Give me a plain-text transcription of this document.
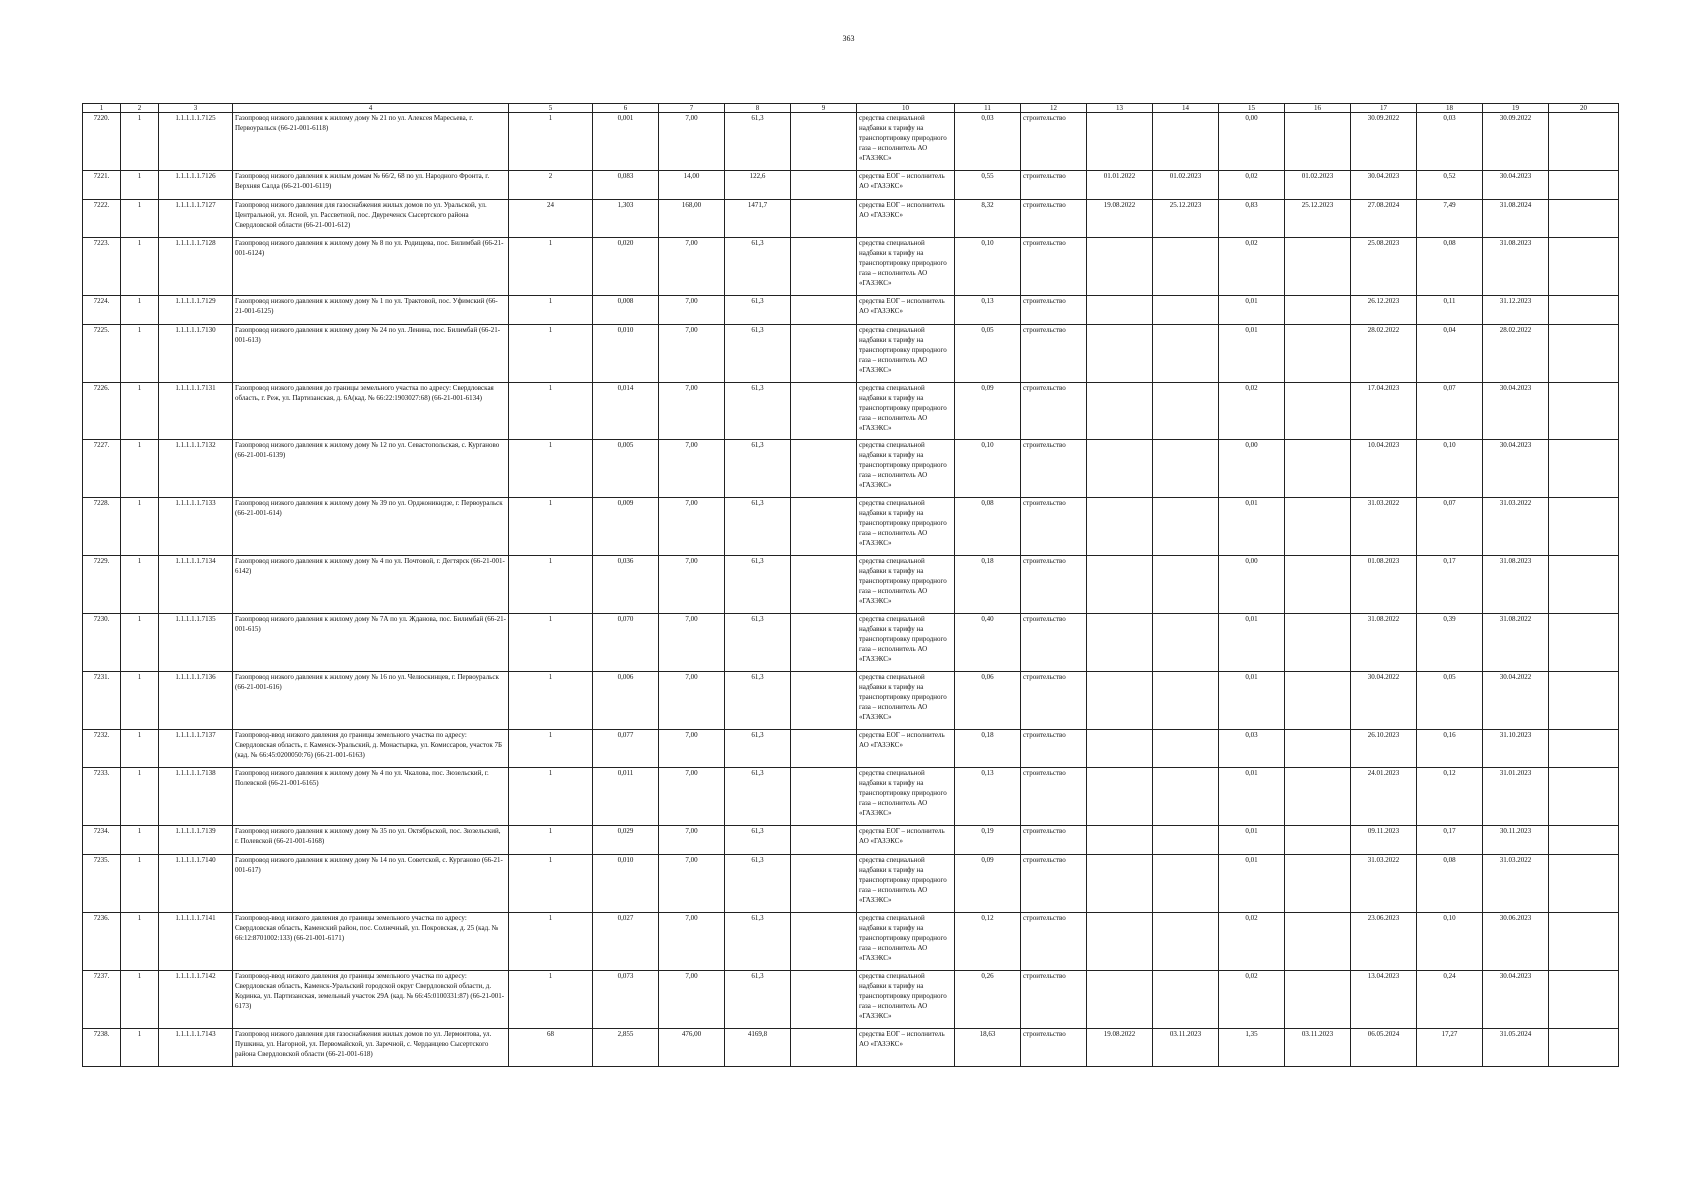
363
1	2	3	4	5	6	7	8	9	10	11	12	13	14	15	16	17	18	19	20
7220.	1	1.1.1.1.1.7125	Газопровод низкого давления к жилому дому № 21 по ул. Алексея Маресьева, г. Первоуральск (66-21-001-6118)	1	0,001	7,00	61,3		средства специальной надбавки к тарифу на транспортировку природного газа – исполнитель АО «ГАЗЭКС»	0,03	строительство			0,00		30.09.2022	0,03	30.09.2022	
7221.	1	1.1.1.1.1.7126	Газопровод низкого давления к жилым домам № 66/2, 68 по ул. Народного Фронта, г. Верхняя Салда (66-21-001-6119)	2	0,083	14,00	122,6		средства ЕОГ – исполнитель АО «ГАЗЭКС»	0,55	строительство	01.01.2022	01.02.2023	0,02	01.02.2023	30.04.2023	0,52	30.04.2023	
7222.	1	1.1.1.1.1.7127	Газопровод низкого давления для газоснабжения жилых домов по ул. Уральской, ул. Центральной, ул. Ясной, ул. Рассветной, пос. Двуреченск Сысертского района Свердловской области (66-21-001-612)	24	1,303	168,00	1471,7		средства ЕОГ – исполнитель АО «ГАЗЭКС»	8,32	строительство	19.08.2022	25.12.2023	0,83	25.12.2023	27.08.2024	7,49	31.08.2024	
7223.	1	1.1.1.1.1.7128	Газопровод низкого давления к жилому дому № 8 по ул. Родищева, пос. Билимбай (66-21-001-6124)	1	0,020	7,00	61,3		средства специальной надбавки к тарифу на транспортировку природного газа – исполнитель АО «ГАЗЭКС»	0,10	строительство			0,02		25.08.2023	0,08	31.08.2023	
7224.	1	1.1.1.1.1.7129	Газопровод низкого давления к жилому дому № 1 по ул. Трактовой, пос. Уфимский (66-21-001-6125)	1	0,008	7,00	61,3		средства ЕОГ – исполнитель АО «ГАЗЭКС»	0,13	строительство			0,01		26.12.2023	0,11	31.12.2023	
7225.	1	1.1.1.1.1.7130	Газопровод низкого давления к жилому дому № 24 по ул. Ленина, пос. Билимбай (66-21-001-613)	1	0,010	7,00	61,3		средства специальной надбавки к тарифу на транспортировку природного газа – исполнитель АО «ГАЗЭКС»	0,05	строительство			0,01		28.02.2022	0,04	28.02.2022	
7226.	1	1.1.1.1.1.7131	Газопровод низкого давления до границы земельного участка по адресу: Свердловская область, г. Реж, ул. Партизанская, д. 6А(кад. № 66:22:1903027:68) (66-21-001-6134)	1	0,014	7,00	61,3		средства специальной надбавки к тарифу на транспортировку природного газа – исполнитель АО «ГАЗЭКС»	0,09	строительство			0,02		17.04.2023	0,07	30.04.2023	
7227.	1	1.1.1.1.1.7132	Газопровод низкого давления к жилому дому № 12 по ул. Севастопольская, с. Курганово (66-21-001-6139)	1	0,005	7,00	61,3		средства специальной надбавки к тарифу на транспортировку природного газа – исполнитель АО «ГАЗЭКС»	0,10	строительство			0,00		10.04.2023	0,10	30.04.2023	
7228.	1	1.1.1.1.1.7133	Газопровод низкого давления к жилому дому № 39 по ул. Орджоникидзе, г. Первоуральск (66-21-001-614)	1	0,009	7,00	61,3		средства специальной надбавки к тарифу на транспортировку природного газа – исполнитель АО «ГАЗЭКС»	0,08	строительство			0,01		31.03.2022	0,07	31.03.2022	
7229.	1	1.1.1.1.1.7134	Газопровод низкого давления к жилому дому № 4 по ул. Почтовой, г. Дегтярск (66-21-001-6142)	1	0,036	7,00	61,3		средства специальной надбавки к тарифу на транспортировку природного газа – исполнитель АО «ГАЗЭКС»	0,18	строительство			0,00		01.08.2023	0,17	31.08.2023	
7230.	1	1.1.1.1.1.7135	Газопровод низкого давления к жилому дому № 7А по ул. Жданова, пос. Билимбай (66-21-001-615)	1	0,070	7,00	61,3		средства специальной надбавки к тарифу на транспортировку природного газа – исполнитель АО «ГАЗЭКС»	0,40	строительство			0,01		31.08.2022	0,39	31.08.2022	
7231.	1	1.1.1.1.1.7136	Газопровод низкого давления к жилому дому № 16 по ул. Челюскинцев, г. Первоуральск (66-21-001-616)	1	0,006	7,00	61,3		средства специальной надбавки к тарифу на транспортировку природного газа – исполнитель АО «ГАЗЭКС»	0,06	строительство			0,01		30.04.2022	0,05	30.04.2022	
7232.	1	1.1.1.1.1.7137	Газопровод-ввод низкого давления до границы земельного участка по адресу: Свердловская область, г. Каменск-Уральский, д. Монастырка, ул. Комиссаров, участок 7Б (кад. № 66:45:0200050:76) (66-21-001-6163)	1	0,077	7,00	61,3		средства ЕОГ – исполнитель АО «ГАЗЭКС»	0,18	строительство			0,03		26.10.2023	0,16	31.10.2023	
7233.	1	1.1.1.1.1.7138	Газопровод низкого давления к жилому дому № 4 по ул. Чкалова, пос. Зюзельский, г. Полевской (66-21-001-6165)	1	0,011	7,00	61,3		средства специальной надбавки к тарифу на транспортировку природного газа – исполнитель АО «ГАЗЭКС»	0,13	строительство			0,01		24.01.2023	0,12	31.01.2023	
7234.	1	1.1.1.1.1.7139	Газопровод низкого давления к жилому дому № 35 по ул. Октябрьской, пос. Зюзельский, г. Полевской (66-21-001-6168)	1	0,029	7,00	61,3		средства ЕОГ – исполнитель АО «ГАЗЭКС»	0,19	строительство			0,01		09.11.2023	0,17	30.11.2023	
7235.	1	1.1.1.1.1.7140	Газопровод низкого давления к жилому дому № 14 по ул. Советской, с. Курганово (66-21-001-617)	1	0,010	7,00	61,3		средства специальной надбавки к тарифу на транспортировку природного газа – исполнитель АО «ГАЗЭКС»	0,09	строительство			0,01		31.03.2022	0,08	31.03.2022	
7236.	1	1.1.1.1.1.7141	Газопровод-ввод низкого давления до границы земельного участка по адресу: Свердловская область, Каменский район, пос. Солнечный, ул. Покровская, д. 25 (кад. № 66:12:8701002:133) (66-21-001-6171)	1	0,027	7,00	61,3		средства специальной надбавки к тарифу на транспортировку природного газа – исполнитель АО «ГАЗЭКС»	0,12	строительство			0,02		23.06.2023	0,10	30.06.2023	
7237.	1	1.1.1.1.1.7142	Газопровод-ввод низкого давления до границы земельного участка по адресу: Свердловская область, Каменск-Уральский городской округ Свердловской области, д. Кодинка, ул. Партизанская, земельный участок 29А (кад. № 66:45:0100331:87) (66-21-001-6173)	1	0,073	7,00	61,3		средства специальной надбавки к тарифу на транспортировку природного газа – исполнитель АО «ГАЗЭКС»	0,26	строительство			0,02		13.04.2023	0,24	30.04.2023	
7238.	1	1.1.1.1.1.7143	Газопровод низкого давления для газоснабжения жилых домов по ул. Лермонтова, ул. Пушкина, ул. Нагорной, ул. Первомайской, ул. Заречной, с. Черданцево Сысертского района Свердловской области (66-21-001-618)	68	2,855	476,00	4169,8		средства ЕОГ – исполнитель АО «ГАЗЭКС»	18,63	строительство	19.08.2022	03.11.2023	1,35	03.11.2023	06.05.2024	17,27	31.05.2024	
